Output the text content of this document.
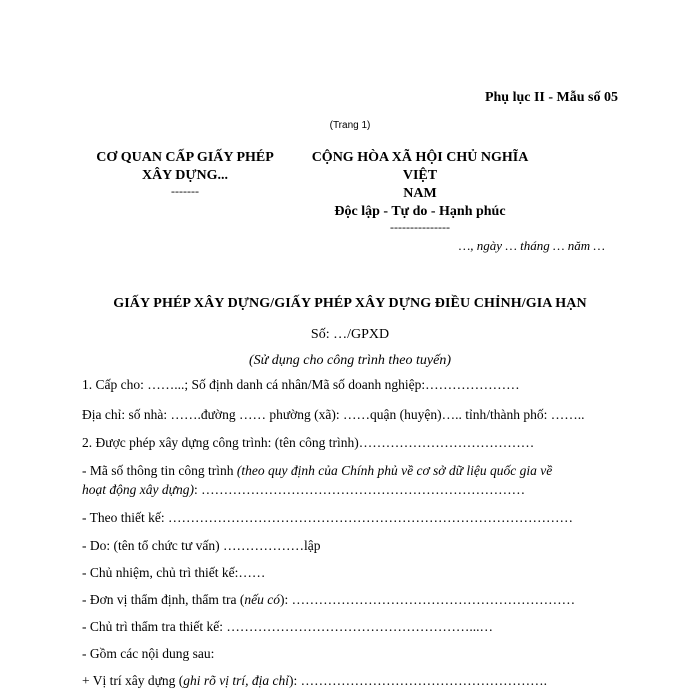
Phụ lục II - Mẫu số 05
(Trang 1)
CƠ QUAN CẤP GIẤY PHÉP
XÂY DỰNG...
-------
CỘNG HÒA XÃ HỘI CHỦ NGHĨA VIỆT
NAM
Độc lập - Tự do - Hạnh phúc
---------------
…, ngày … tháng … năm …
GIẤY PHÉP XÂY DỰNG/GIẤY PHÉP XÂY DỰNG ĐIỀU CHỈNH/GIA HẠN
Số: …/GPXD
(Sử dụng cho công trình theo tuyến)
1. Cấp cho: ……...; Số định danh cá nhân/Mã số doanh nghiệp:…………………
Địa chỉ: số nhà: …….đường …… phường (xã): ……quận (huyện)….. tỉnh/thành phố: ……..
2. Được phép xây dựng công trình: (tên công trình)…………………………………
- Mã số thông tin công trình (theo quy định của Chính phủ về cơ sở dữ liệu quốc gia về
hoạt động xây dựng): ………………………………………………………………
- Theo thiết kế: ………………………………………………………………………………
- Do: (tên tổ chức tư vấn) ………………lập
- Chủ nhiệm, chủ trì thiết kế:……
- Đơn vị thẩm định, thẩm tra (nếu có): ………………………………………………………
- Chủ trì thẩm tra thiết kế: ………………………………………………...…
- Gồm các nội dung sau:
+ Vị trí xây dựng (ghi rõ vị trí, địa chỉ): ……………………………………………….
